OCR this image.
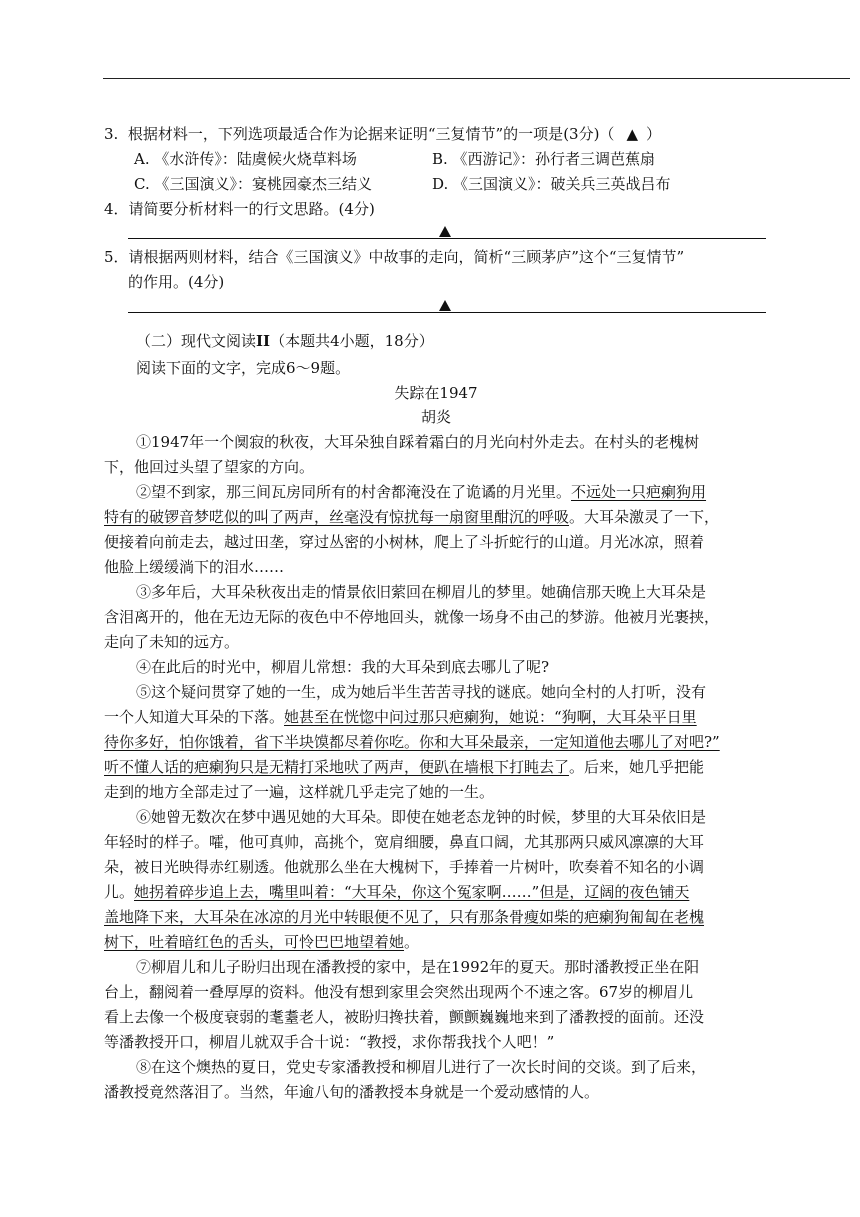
3.  根据材料一，下列选项最适合作为论据来证明“三复情节”的一项是(3分)（ ▲ ）
A. 《水浒传》：陆虞候火烧草料场	B. 《西游记》：孙行者三调芭蕉扇
C. 《三国演义》：宴桃园豪杰三结义	D. 《三国演义》：破关兵三英战吕布
4．请简要分析材料一的行文思路。(4分)
5．请根据两则材料，结合《三国演义》中故事的走向，简析“三顾茅庐”这个“三复情节”
的作用。(4分)
（二）现代文阅读II（本题共4小题，18分）
阅读下面的文字，完成6～9题。
失踪在1947
胡炎
①1947年一个阒寂的秋夜，大耳朵独自踩着霜白的月光向村外走去。在村头的老槐树
下，他回过头望了望家的方向。
②望不到家，那三间瓦房同所有的村舍都淹没在了诡谲的月光里。不远处一只疤瘌狗用
特有的破锣音梦呓似的叫了两声，丝毫没有惊扰每一扇窗里酣沉的呼吸。大耳朵激灵了一下，
便接着向前走去，越过田垄，穿过丛密的小树林，爬上了斗折蛇行的山道。月光冰凉，照着
他脸上缓缓淌下的泪水……
③多年后，大耳朵秋夜出走的情景依旧萦回在柳眉儿的梦里。她确信那天晚上大耳朵是
含泪离开的，他在无边无际的夜色中不停地回头，就像一场身不由己的梦游。他被月光裹挟，
走向了未知的远方。
④在此后的时光中，柳眉儿常想：我的大耳朵到底去哪儿了呢?
⑤这个疑问贯穿了她的一生，成为她后半生苦苦寻找的谜底。她向全村的人打听，没有
一个人知道大耳朵的下落。她甚至在恍惚中问过那只疤瘌狗，她说：“狗啊，大耳朵平日里
待你多好，怕你饿着，省下半块馍都尽着你吃。你和大耳朵最亲，一定知道他去哪儿了对吧?”
听不懂人话的疤瘌狗只是无精打采地吠了两声，便趴在墙根下打盹去了。后来，她几乎把能
走到的地方全部走过了一遍，这样就几乎走完了她的一生。
⑥她曾无数次在梦中遇见她的大耳朵。即使在她老态龙钟的时候，梦里的大耳朵依旧是
年轻时的样子。嚯，他可真帅，高挑个，宽肩细腰，鼻直口阔，尤其那两只威风凛凛的大耳
朵，被日光映得赤红剔透。他就那么坐在大槐树下，手捧着一片树叶，吹奏着不知名的小调
儿。她拐着碎步追上去，嘴里叫着：“大耳朵，你这个冤家啊……”但是，辽阔的夜色铺天
盖地降下来，大耳朵在冰凉的月光中转眼便不见了，只有那条骨瘦如柴的疤瘌狗匍匐在老槐
树下，吐着暗红色的舌头，可怜巴巴地望着她。
⑦柳眉儿和儿子盼归出现在潘教授的家中，是在1992年的夏天。那时潘教授正坐在阳
台上，翻阅着一叠厚厚的资料。他没有想到家里会突然出现两个不速之客。67岁的柳眉儿
看上去像一个极度衰弱的耄耋老人，被盼归搀扶着，颤颤巍巍地来到了潘教授的面前。还没
等潘教授开口，柳眉儿就双手合十说：“教授，求你帮我找个人吧！”
⑧在这个燠热的夏日，党史专家潘教授和柳眉儿进行了一次长时间的交谈。到了后来，
潘教授竟然落泪了。当然，年逾八旬的潘教授本身就是一个爱动感情的人。
